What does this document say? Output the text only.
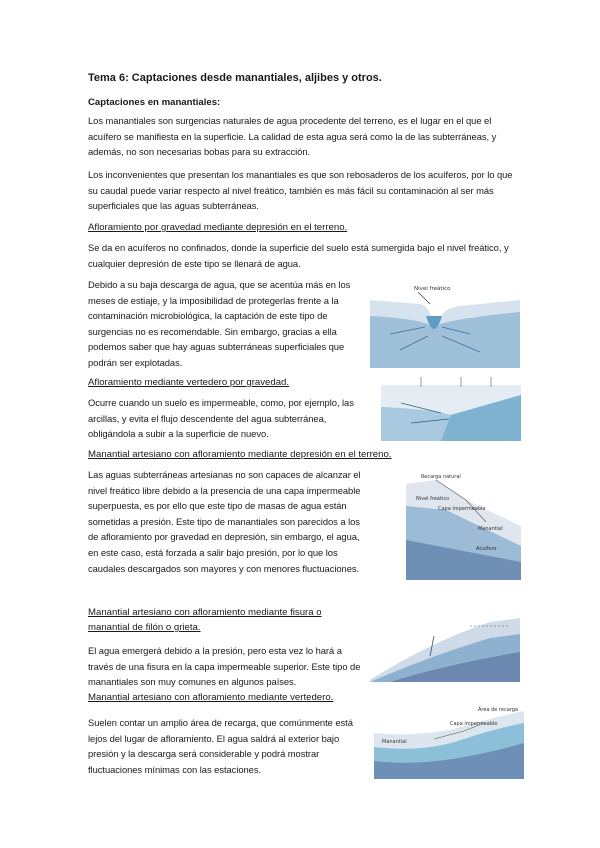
Tema 6: Captaciones desde manantiales, aljibes y otros.
Captaciones en manantiales:
Los manantiales son surgencias naturales de agua procedente del terreno, es el lugar en el que el acuífero se manifiesta en la superficie. La calidad de esta agua será como la de las subterráneas, y además, no son necesarias bobas para su extracción.
Los inconvenientes que presentan los manantiales es que son rebosaderos de los acuíferos, por lo que su caudal puede variar respecto al nivel freático, también es más fácil su contaminación al ser más superficiales que las aguas subterráneas.
Afloramiento por gravedad mediante depresión en el terreno.
Se da en acuíferos no confinados, donde la superficie del suelo está sumergida bajo el nivel freático, y cualquier depresión de este tipo se llenará de agua.
Debido a su baja descarga de agua, que se acentúa más en los meses de estiaje, y la imposibilidad de protegerlas frente a la contaminación microbiológica, la captación de este tipo de surgencias no es recomendable. Sin embargo, gracias a ella podemos saber que hay aguas subterráneas superficiales que podrán ser explotadas.
Nivel freático
Afloramiento mediante vertedero por gravedad.
Ocurre cuando un suelo es impermeable, como, por ejemplo, las arcillas, y evita el flujo descendente del agua subterránea, obligándola a subir a la superficie de nuevo.
Manantial artesiano con afloramiento mediante depresión en el terreno.
Las aguas subterráneas artesianas no son capaces de alcanzar el nivel freático libre debido a la presencia de una capa impermeable superpuesta, es por ello que este tipo de masas de agua están sometidas a presión. Este tipo de manantiales son parecidos a los de afloramiento por gravedad en depresión, sin embargo, el agua, en este caso, está forzada a salir bajo presión, por lo que los caudales descargados son mayores y con menores fluctuaciones.
Recarga natural
Capa impermeable
Nivel freático
Manantial
Acuífero
Manantial artesiano con afloramiento mediante fisura o manantial de filón o grieta.
El agua emergerá debido a la presión, pero esta vez lo hará a través de una fisura en la capa impermeable superior. Este tipo de manantiales son muy comunes en algunos países.
Manantial artesiano con afloramiento mediante vertedero.
Suelen contar un amplio área de recarga, que comúnmente está lejos del lugar de afloramiento. El agua saldrá al exterior bajo presión y la descarga será considerable y podrá mostrar fluctuaciones mínimas con las estaciones.
Área de recarga
Capa impermeable
Manantial
